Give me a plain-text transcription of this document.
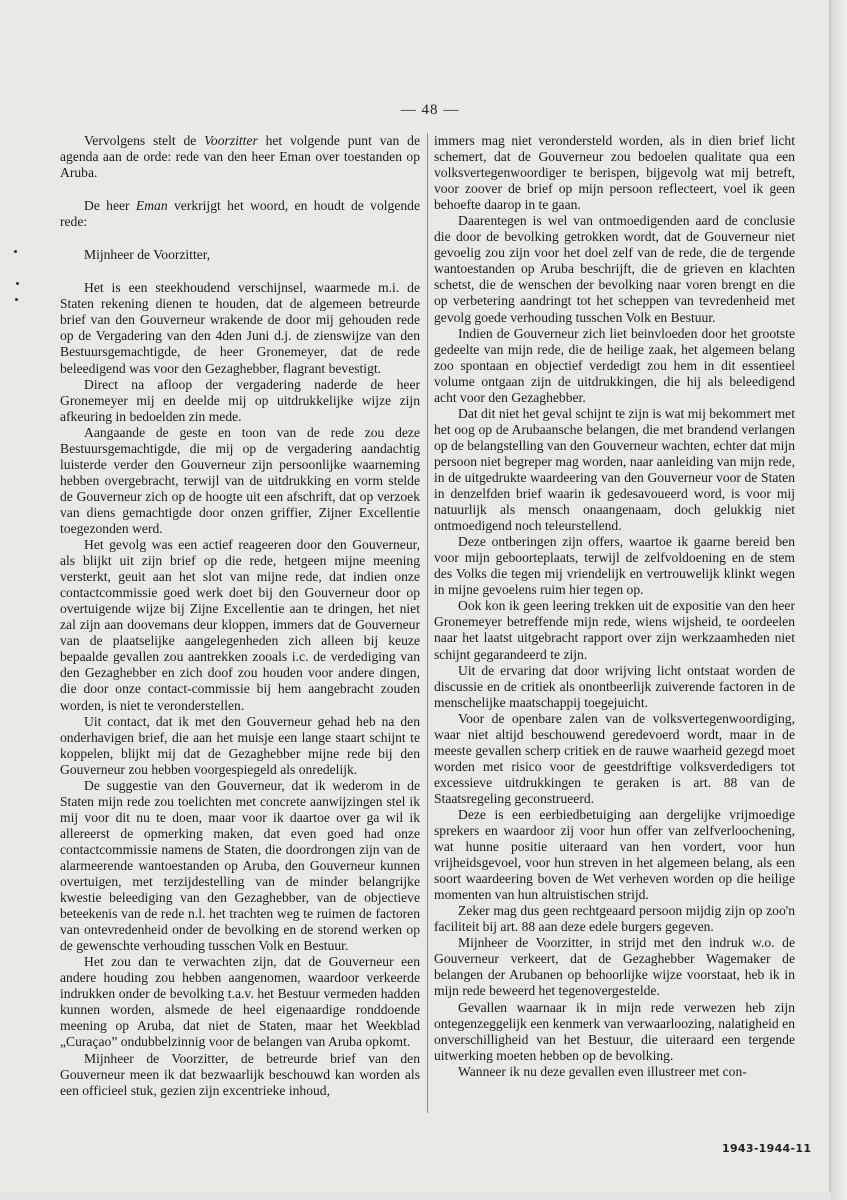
— 48 —

Vervolgens stelt de Voorzitter het volgende punt van de agenda aan de orde: rede van den heer Eman over toestanden op Aruba.

De heer Eman verkrijgt het woord, en houdt de volgende rede:

Mijnheer de Voorzitter,

Het is een steekhoudend verschijnsel, waarmede m.i. de Staten rekening dienen te houden, dat de algemeen betreurde brief van den Gouverneur wrakende de door mij gehouden rede op de Vergadering van den 4den Juni d.j. de zienswijze van den Bestuursgemachtigde, de heer Gronemeyer, dat de rede beleedigend was voor den Gezaghebber, flagrant bevestigt.

Direct na afloop der vergadering naderde de heer Gronemeyer mij en deelde mij op uitdrukkelijke wijze zijn afkeuring in bedoelden zin mede.

Aangaande de geste en toon van de rede zou deze Bestuursgemachtigde, die mij op de vergadering aandachtig luisterde verder den Gouverneur zijn persoonlijke waarneming hebben overgebracht, terwijl van de uitdrukking en vorm stelde de Gouverneur zich op de hoogte uit een afschrift, dat op verzoek van diens gemachtigde door onzen griffier, Zijner Excellentie toegezonden werd.

Het gevolg was een actief reageeren door den Gouverneur, als blijkt uit zijn brief op die rede, hetgeen mijne meening versterkt, geuit aan het slot van mijne rede, dat indien onze contactcommissie goed werk doet bij den Gouverneur door op overtuigende wijze bij Zijne Excellentie aan te dringen, het niet zal zijn aan doovemans deur kloppen, immers dat de Gouverneur van de plaatselijke aangelegenheden zich alleen bij keuze bepaalde gevallen zou aantrekken zooals i.c. de verdediging van den Gezaghebber en zich doof zou houden voor andere dingen, die door onze contact-commissie bij hem aangebracht zouden worden, is niet te veronderstellen.

Uit contact, dat ik met den Gouverneur gehad heb na den onderhavigen brief, die aan het muisje een lange staart schijnt te koppelen, blijkt mij dat de Gezaghebber mijne rede bij den Gouverneur zou hebben voorgespiegeld als onredelijk.

De suggestie van den Gouverneur, dat ik wederom in de Staten mijn rede zou toelichten met concrete aanwijzingen stel ik mij voor dit nu te doen, maar voor ik daartoe over ga wil ik allereerst de opmerking maken, dat even goed had onze contactcommissie namens de Staten, die doordrongen zijn van de alarmeerende wantoestanden op Aruba, den Gouverneur kunnen overtuigen, met terzijdestelling van de minder belangrijke kwestie beleediging van den Gezaghebber, van de objectieve beteekenis van de rede n.l. het trachten weg te ruimen de factoren van ontevredenheid onder de bevolking en de storend werken op de gewenschte verhouding tusschen Volk en Bestuur.

Het zou dan te verwachten zijn, dat de Gouverneur een andere houding zou hebben aangenomen, waardoor verkeerde indrukken onder de bevolking t.a.v. het Bestuur vermeden hadden kunnen worden, alsmede de heel eigenaardige ronddoende meening op Aruba, dat niet de Staten, maar het Weekblad „Curaçao” ondubbelzinnig voor de belangen van Aruba opkomt.

Mijnheer de Voorzitter, de betreurde brief van den Gouverneur meen ik dat bezwaarlijk beschouwd kan worden als een officieel stuk, gezien zijn excentrieke inhoud,

immers mag niet verondersteld worden, als in dien brief licht schemert, dat de Gouverneur zou bedoelen qualitate qua een volksvertegenwoordiger te berispen, bijgevolg wat mij betreft, voor zoover de brief op mijn persoon reflecteert, voel ik geen behoefte daarop in te gaan.

Daarentegen is wel van ontmoedigenden aard de conclusie die door de bevolking getrokken wordt, dat de Gouverneur niet gevoelig zou zijn voor het doel zelf van de rede, die de tergende wantoestanden op Aruba beschrijft, die de grieven en klachten schetst, die de wenschen der bevolking naar voren brengt en die op verbetering aandringt tot het scheppen van tevredenheid met gevolg goede verhouding tusschen Volk en Bestuur.

Indien de Gouverneur zich liet beinvloeden door het grootste gedeelte van mijn rede, die de heilige zaak, het algemeen belang zoo spontaan en objectief verdedigt zou hem in dit essentieel volume ontgaan zijn de uitdrukkingen, die hij als beleedigend acht voor den Gezaghebber.

Dat dit niet het geval schijnt te zijn is wat mij bekommert met het oog op de Arubaansche belangen, die met brandend verlangen op de belangstelling van den Gouverneur wachten, echter dat mijn persoon niet begreper mag worden, naar aanleiding van mijn rede, in de uitgedrukte waardeering van den Gouverneur voor de Staten in denzelfden brief waarin ik gedesavoueerd word, is voor mij natuurlijk als mensch onaangenaam, doch gelukkig niet ontmoedigend noch teleurstellend.

Deze ontberingen zijn offers, waartoe ik gaarne bereid ben voor mijn geboorteplaats, terwijl de zelfvoldoening en de stem des Volks die tegen mij vriendelijk en vertrouwelijk klinkt wegen in mijne gevoelens ruim hier tegen op.

Ook kon ik geen leering trekken uit de expositie van den heer Gronemeyer betreffende mijn rede, wiens wijsheid, te oordeelen naar het laatst uitgebracht rapport over zijn werkzaamheden niet schijnt gegarandeerd te zijn.

Uit de ervaring dat door wrijving licht ontstaat worden de discussie en de critiek als onontbeerlijk zuiverende factoren in de menschelijke maatschappij toegejuicht.

Voor de openbare zalen van de volksvertegenwoordiging, waar niet altijd beschouwend geredevoerd wordt, maar in de meeste gevallen scherp critiek en de rauwe waarheid gezegd moet worden met risico voor de geestdriftige volksverdedigers tot excessieve uitdrukkingen te geraken is art. 88 van de Staatsregeling geconstrueerd.

Deze is een eerbiedbetuiging aan dergelijke vrijmoedige sprekers en waardoor zij voor hun offer van zelfverloochening, wat hunne positie uiteraard van hen vordert, voor hun vrijheidsgevoel, voor hun streven in het algemeen belang, als een soort waardeering boven de Wet verheven worden op die heilige momenten van hun altruistischen strijd.

Zeker mag dus geen rechtgeaard persoon mijdig zijn op zoo'n faciliteit bij art. 88 aan deze edele burgers gegeven.

Mijnheer de Voorzitter, in strijd met den indruk w.o. de Gouverneur verkeert, dat de Gezaghebber Wagemaker de belangen der Arubanen op behoorlijke wijze voorstaat, heb ik in mijn rede beweerd het tegenovergestelde.

Gevallen waarnaar ik in mijn rede verwezen heb zijn ontegenzeggelijk een kenmerk van verwaarloozing, nalatigheid en onverschilligheid van het Bestuur, die uiteraard een tergende uitwerking moeten hebben op de bevolking.

Wanneer ik nu deze gevallen even illustreer met con-

1943-1944-11
